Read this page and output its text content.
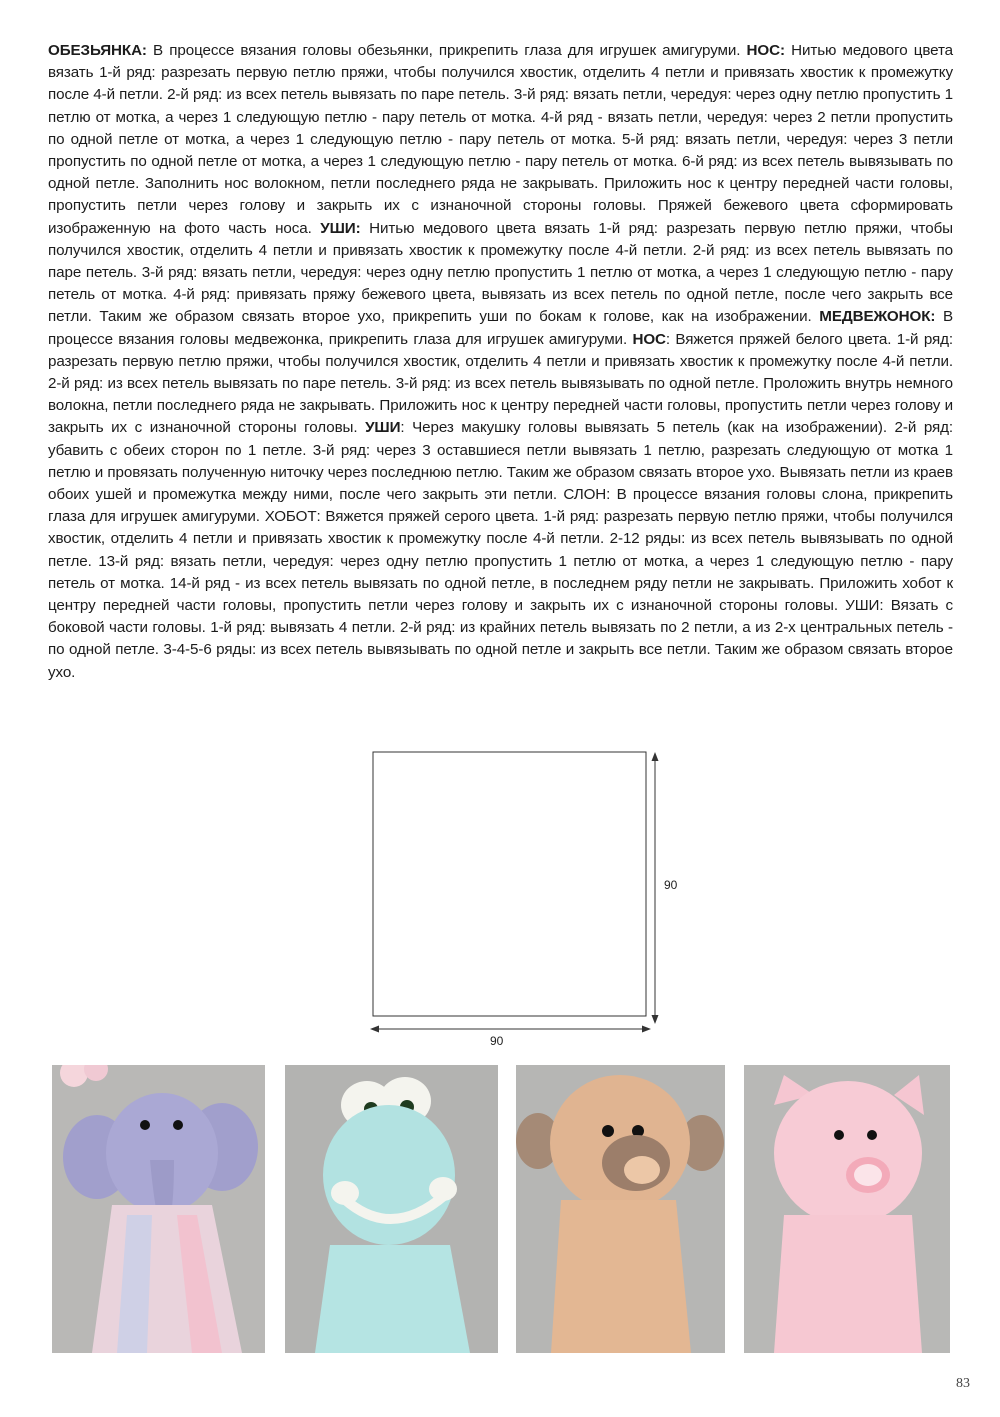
ОБЕЗЬЯНКА: В процессе вязания головы обезьянки, прикрепить глаза для игрушек амигуруми. НОС: Нитью медового цвета вязать 1-й ряд: разрезать первую петлю пряжи, чтобы получился хвостик, отделить 4 петли и привязать хвостик к промежутку после 4-й петли. 2-й ряд: из всех петель вывязать по паре петель. 3-й ряд: вязать петли, чередуя: через одну петлю пропустить 1 петлю от мотка, а через 1 следующую петлю - пару петель от мотка. 4-й ряд - вязать петли, чередуя: через 2 петли пропустить по одной петле от мотка, а через 1 следующую петлю - пару петель от мотка. 5-й ряд: вязать петли, чередуя: через 3 петли пропустить по одной петле от мотка, а через 1 следующую петлю - пару петель от мотка. 6-й ряд: из всех петель вывязывать по одной петле. Заполнить нос волокном, петли последнего ряда не закрывать. Приложить нос к центру передней части головы, пропустить петли через голову и закрыть их с изнаночной стороны головы. Пряжей бежевого цвета сформировать изображенную на фото часть носа. УШИ: Нитью медового цвета вязать 1-й ряд: разрезать первую петлю пряжи, чтобы получился хвостик, отделить 4 петли и привязать хвостик к промежутку после 4-й петли. 2-й ряд: из всех петель вывязать по паре петель. 3-й ряд: вязать петли, чередуя: через одну петлю пропустить 1 петлю от мотка, а через 1 следующую петлю - пару петель от мотка. 4-й ряд: привязать пряжу бежевого цвета, вывязать из всех петель по одной петле, после чего закрыть все петли. Таким же образом связать второе ухо, прикрепить уши по бокам к голове, как на изображении. МЕДВЕЖОНОК: В процессе вязания головы медвежонка, прикрепить глаза для игрушек амигуруми. НОС: Вяжется пряжей белого цвета. 1-й ряд: разрезать первую петлю пряжи, чтобы получился хвостик, отделить 4 петли и привязать хвостик к промежутку после 4-й петли. 2-й ряд: из всех петель вывязать по паре петель. 3-й ряд: из всех петель вывязывать по одной петле. Проложить внутрь немного волокна, петли последнего ряда не закрывать. Приложить нос к центру передней части головы, пропустить петли через голову и закрыть их с изнаночной стороны головы. УШИ: Через макушку головы вывязать 5 петель (как на изображении). 2-й ряд: убавить с обеих сторон по 1 петле. 3-й ряд: через 3 оставшиеся петли вывязать 1 петлю, разрезать следующую от мотка 1 петлю и провязать полученную ниточку через последнюю петлю. Таким же образом связать второе ухо. Вывязать петли из краев обоих ушей и промежутка между ними, после чего закрыть эти петли. СЛОН: В процессе вязания головы слона, прикрепить глаза для игрушек амигуруми. ХОБОТ: Вяжется пряжей серого цвета. 1-й ряд: разрезать первую петлю пряжи, чтобы получился хвостик, отделить 4 петли и привязать хвостик к промежутку после 4-й петли. 2-12 ряды: из всех петель вывязывать по одной петле. 13-й ряд: вязать петли, чередуя: через одну петлю пропустить 1 петлю от мотка, а через 1 следующую петлю - пару петель от мотка. 14-й ряд - из всех петель вывязать по одной петле, в последнем ряду петли не закрывать. Приложить хобот к центру передней части головы, пропустить петли через голову и закрыть их с изнаночной стороны головы. УШИ: Вязать с боковой части головы. 1-й ряд: вывязать 4 петли. 2-й ряд: из крайних петель вывязать по 2 петли, а из 2-х центральных петель - по одной петле. 3-4-5-6 ряды: из всех петель вывязывать по одной петле и закрыть все петли. Таким же образом связать второе ухо.
90
90
83
